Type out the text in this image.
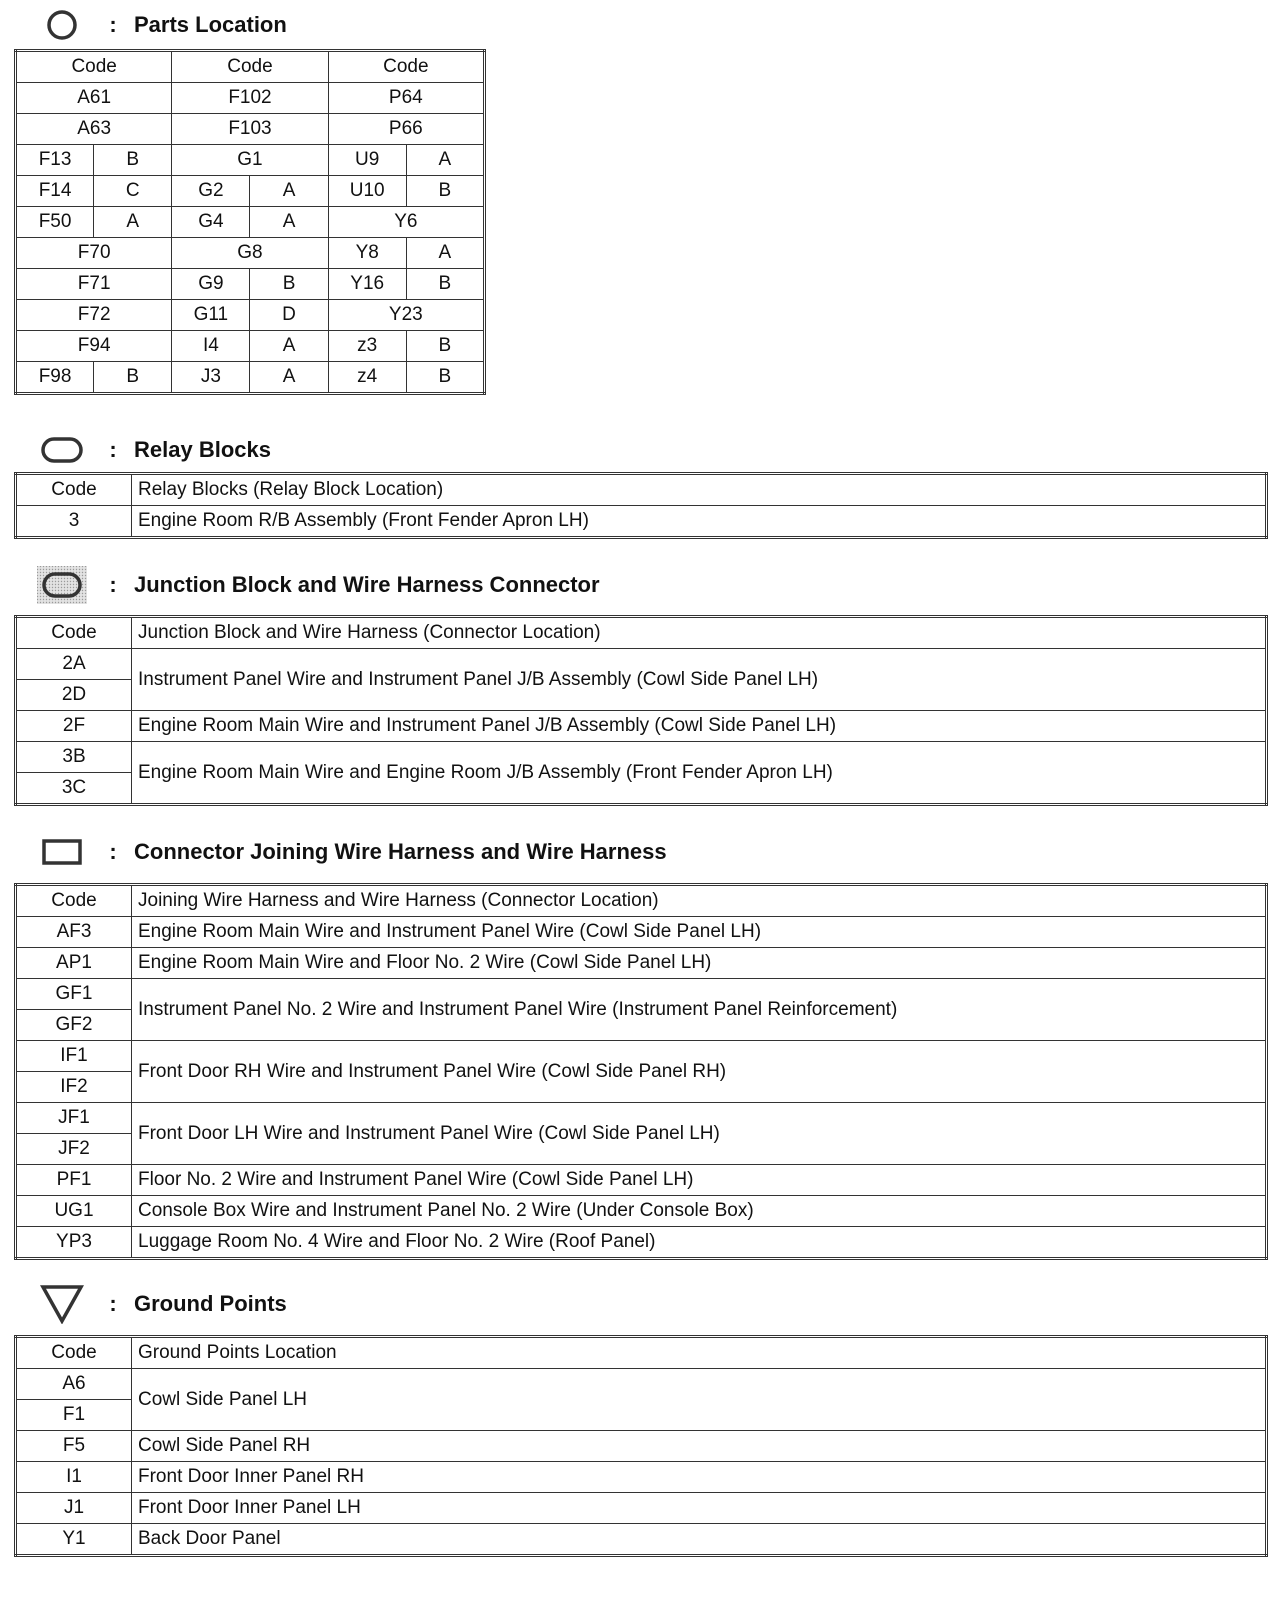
: Parts Location
Code		Code		Code	
A61		F102		P64	
A63		F103		P66	
F13	B	G1		U9	A
F14	C	G2	A	U10	B
F50	A	G4	A	Y6	
F70		G8		Y8	A
F71		G9	B	Y16	B
F72		G11	D	Y23	
F94		I4	A	z3	B
F98	B	J3	A	z4	B
: Relay Blocks
Code	Relay Blocks (Relay Block Location)
3	Engine Room R/B Assembly (Front Fender Apron LH)
: Junction Block and Wire Harness Connector
Code	Junction Block and Wire Harness (Connector Location)
2A	Instrument Panel Wire and Instrument Panel J/B Assembly (Cowl Side Panel LH)
2D	
2F	Engine Room Main Wire and Instrument Panel J/B Assembly (Cowl Side Panel LH)
3B	Engine Room Main Wire and Engine Room J/B Assembly (Front Fender Apron LH)
3C	
: Connector Joining Wire Harness and Wire Harness
Code	Joining Wire Harness and Wire Harness (Connector Location)
AF3	Engine Room Main Wire and Instrument Panel Wire (Cowl Side Panel LH)
AP1	Engine Room Main Wire and Floor No. 2 Wire (Cowl Side Panel LH)
GF1	Instrument Panel No. 2 Wire and Instrument Panel Wire (Instrument Panel Reinforcement)
GF2	
IF1	Front Door RH Wire and Instrument Panel Wire (Cowl Side Panel RH)
IF2	
JF1	Front Door LH Wire and Instrument Panel Wire (Cowl Side Panel LH)
JF2	
PF1	Floor No. 2 Wire and Instrument Panel Wire (Cowl Side Panel LH)
UG1	Console Box Wire and Instrument Panel No. 2 Wire (Under Console Box)
YP3	Luggage Room No. 4 Wire and Floor No. 2 Wire (Roof Panel)
: Ground Points
Code	Ground Points Location
A6	Cowl Side Panel LH
F1	
F5	Cowl Side Panel RH
I1	Front Door Inner Panel RH
J1	Front Door Inner Panel LH
Y1	Back Door Panel
